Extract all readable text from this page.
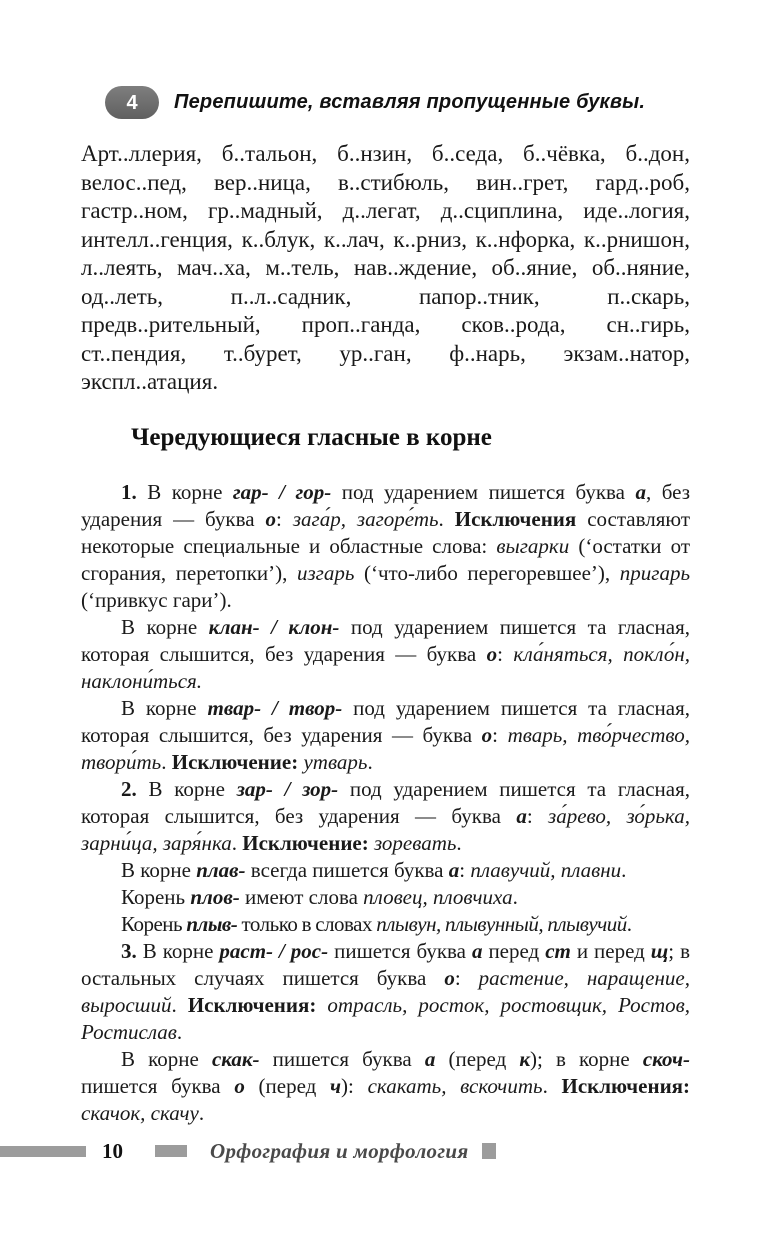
4 Перепишите, вставляя пропущенные буквы.

Арт..ллерия, б..тальон, б..нзин, б..седа, б..чёвка, б..дон, велос..пед, вер..ница, в..стибюль, вин..грет, гард..роб, гастр..ном, гр..мадный, д..легат, д..сциплина, иде..логия, интелл..генция, к..блук, к..лач, к..рниз, к..нфорка, к..рнишон, л..леять, мач..ха, м..тель, нав..ждение, об..яние, об..няние, од..леть, п..л..садник, папор..тник, п..скарь, предв..рительный, проп..ганда, сков..рода, сн..гирь, ст..пендия, т..бурет, ур..ган, ф..нарь, экзам..натор, экспл..атация.

Чередующиеся гласные в корне

1. В корне гар- / гор- под ударением пишется буква а, без ударения — буква о: зага́р, загоре́ть. Исключения составляют некоторые специальные и областные слова: выгарки (‘остатки от сгорания, перетопки’), изгарь (‘что-либо перегоревшее’), пригарь (‘привкус гари’).

В корне клан- / клон- под ударением пишется та гласная, которая слышится, без ударения — буква о: кла́няться, покло́н, наклони́ться.

В корне твар- / твор- под ударением пишется та гласная, которая слышится, без ударения — буква о: тварь, тво́рчество, твори́ть. Исключение: утварь.

2. В корне зар- / зор- под ударением пишется та гласная, которая слышится, без ударения — буква а: за́рево, зо́рька, зарни́ца, заря́нка. Исключение: зоревать.

В корне плав- всегда пишется буква а: плавучий, плавни.

Корень плов- имеют слова пловец, пловчиха.

Корень плыв- только в словах плывун, плывунный, плывучий.

3. В корне раст- / рос- пишется буква а перед ст и перед щ; в остальных случаях пишется буква о: растение, наращение, выросший. Исключения: отрасль, росток, ростовщик, Ростов, Ростислав.

В корне скак- пишется буква а (перед к); в корне скоч- пишется буква о (перед ч): скакать, вскочить. Исключения: скачок, скачу.

10	Орфография и морфология
